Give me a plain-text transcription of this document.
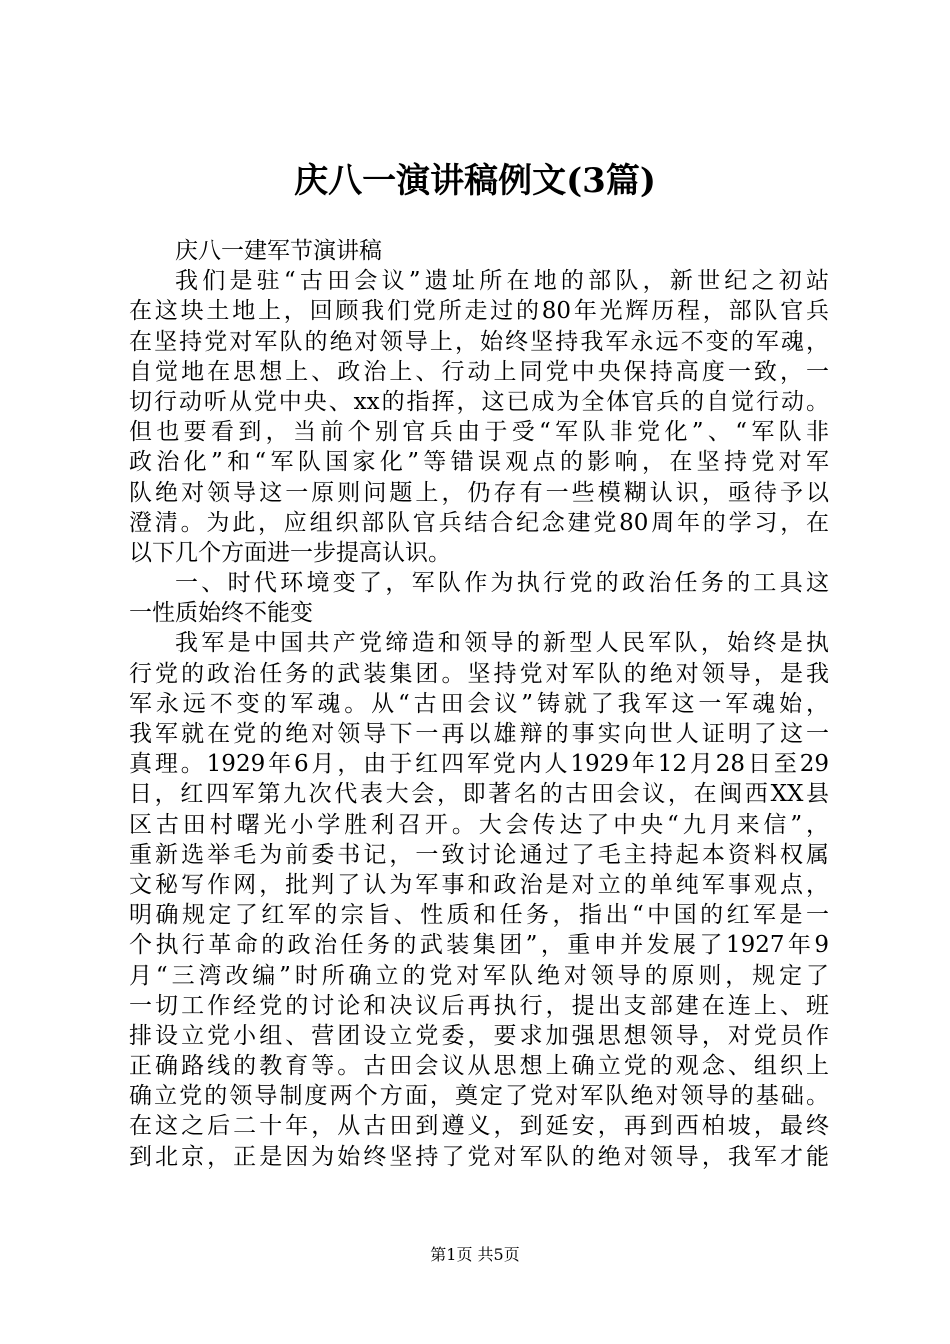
庆八一演讲稿例文(3篇)
庆八一建军节演讲稿
我们是驻“古田会议”遗址所在地的部队，新世纪之初站
在这块土地上，回顾我们党所走过的80年光辉历程，部队官兵
在坚持党对军队的绝对领导上，始终坚持我军永远不变的军魂，
自觉地在思想上、政治上、行动上同党中央保持高度一致，一
切行动听从党中央、xx的指挥，这已成为全体官兵的自觉行动。
但也要看到，当前个别官兵由于受“军队非党化”、“军队非
政治化”和“军队国家化”等错误观点的影响，在坚持党对军
队绝对领导这一原则问题上，仍存有一些模糊认识，亟待予以
澄清。为此，应组织部队官兵结合纪念建党80周年的学习，在
以下几个方面进一步提高认识。
一、时代环境变了，军队作为执行党的政治任务的工具这
一性质始终不能变
我军是中国共产党缔造和领导的新型人民军队，始终是执
行党的政治任务的武装集团。坚持党对军队的绝对领导，是我
军永远不变的军魂。从“古田会议”铸就了我军这一军魂始，
我军就在党的绝对领导下一再以雄辩的事实向世人证明了这一
真理。1929年6月，由于红四军党内人1929年12月28日至29
日，红四军第九次代表大会，即著名的古田会议，在闽西XX县
区古田村曙光小学胜利召开。大会传达了中央“九月来信”，
重新选举毛为前委书记，一致讨论通过了毛主持起本资料权属
文秘写作网，批判了认为军事和政治是对立的单纯军事观点，
明确规定了红军的宗旨、性质和任务，指出“中国的红军是一
个执行革命的政治任务的武装集团”，重申并发展了1927年9
月“三湾改编”时所确立的党对军队绝对领导的原则，规定了
一切工作经党的讨论和决议后再执行，提出支部建在连上、班
排设立党小组、营团设立党委，要求加强思想领导，对党员作
正确路线的教育等。古田会议从思想上确立党的观念、组织上
确立党的领导制度两个方面，奠定了党对军队绝对领导的基础。
在这之后二十年，从古田到遵义，到延安，再到西柏坡，最终
到北京，正是因为始终坚持了党对军队的绝对领导，我军才能
第1页 共5页
